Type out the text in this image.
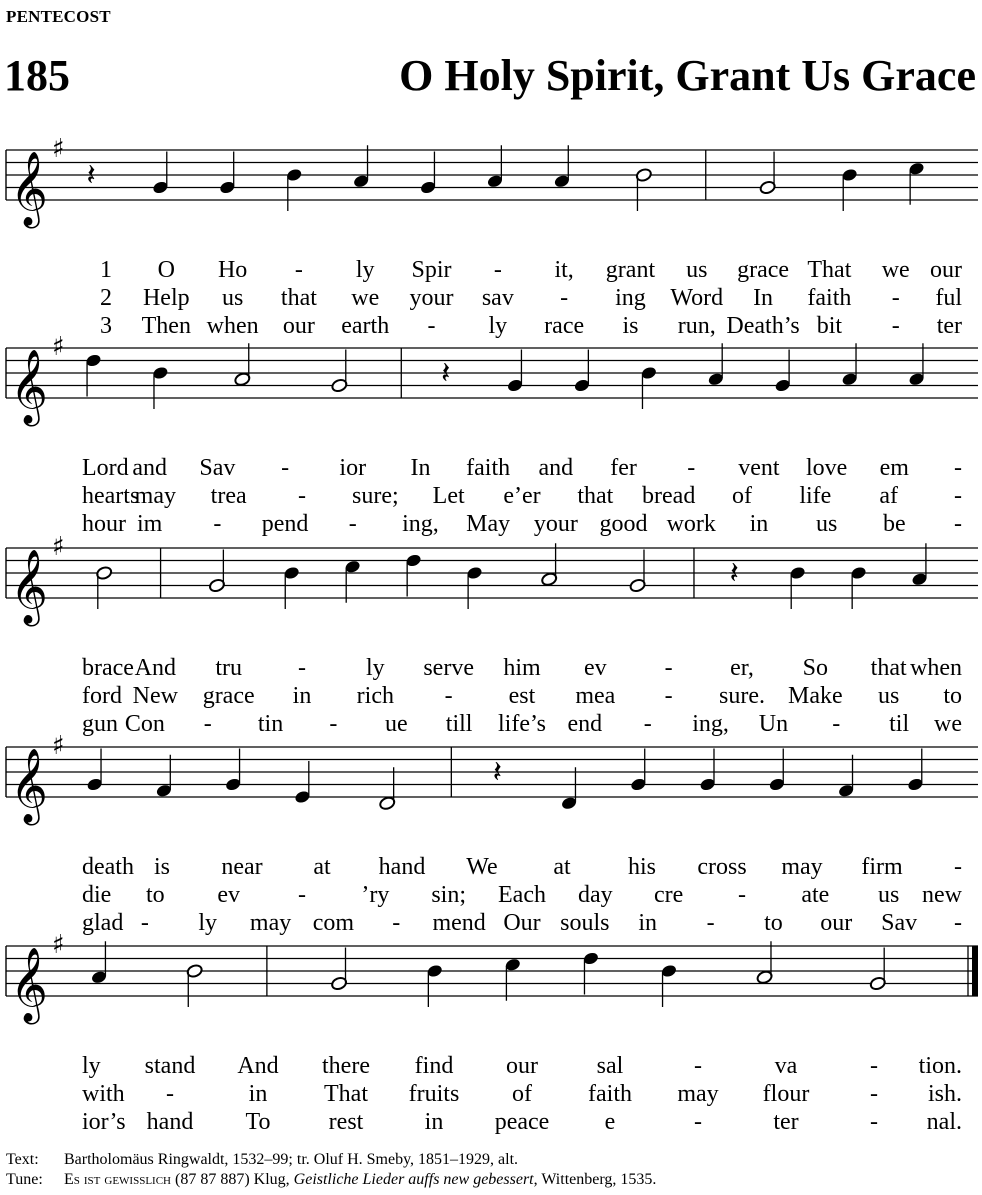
PENTECOST
185	O Holy Spirit, Grant Us Grace
𝄞
♯
𝄽
1 O Ho - ly Spir - it, grant us grace That we our
2 Help us that we your sav - ing Word In faith - ful
3 Then when our earth - ly race is run, Death’s bit - ter
𝄞
♯
𝄽
Lord and Sav - ior In faith and fer - vent love em -
hearts
may trea - sure; Let e’er that bread of life af -
hour im - pend - ing, May your good work in us be -
𝄞
♯
𝄽
brace And tru - ly serve him ev - er, So that when
ford New grace in rich - est mea - sure. Make us to
gun Con - tin - ue till life’s end - ing, Un - til we
𝄞
♯
𝄽
death is near at hand We at his cross may firm -
die to ev - ’ry sin; Each day cre - ate us new
glad - ly may com - mend Our souls in - to our Sav -
𝄞
♯
ly stand And there find our sal	-	va	- tion.
with -	in That fruits of faith may flour	- ish.
ior’s hand To rest	in peace e	-	ter	- nal.
Text: Bartholomäus Ringwaldt, 1532–99; tr. Oluf H. Smeby, 1851–1929, alt.
Tune: Es ist gewisslich (87 87 887) Klug, Geistliche Lieder auffs new gebessert, Wittenberg, 1535.
